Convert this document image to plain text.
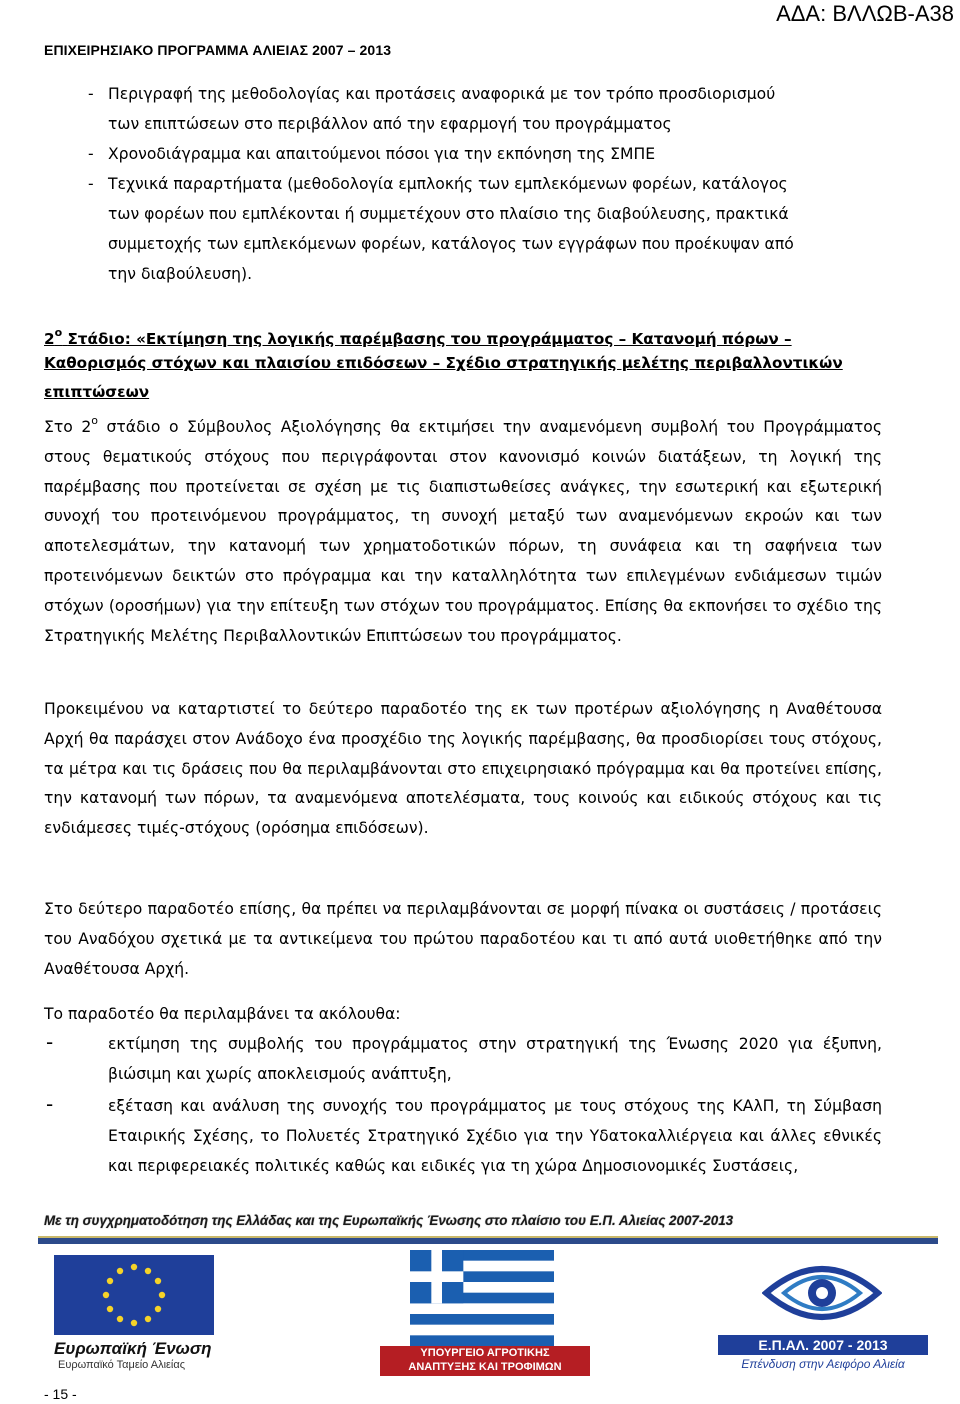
ΕΠΙΧΕΙΡΗΣΙΑΚΟ ΠΡΟΓΡΑΜΜΑ ΑΛΙΕΙΑΣ 2007 – 2013
ΑΔΑ: ΒΛΛΩΒ-Α38
- Περιγραφή της μεθοδολογίας και προτάσεις αναφορικά με τον τρόπο προσδιορισμού
των επιπτώσεων στο περιβάλλον από την εφαρμογή του προγράμματος
- Χρονοδιάγραμμα και απαιτούμενοι πόσοι για την εκπόνηση της ΣΜΠΕ
- Τεχνικά παραρτήματα (μεθοδολογία εμπλοκής των εμπλεκόμενων φορέων, κατάλογος
των φορέων που εμπλέκονται ή συμμετέχουν στο πλαίσιο της διαβούλευσης, πρακτικά
συμμετοχής των εμπλεκόμενων φορέων, κατάλογος των εγγράφων που προέκυψαν από
την διαβούλευση).
$2^o$ Στάδιο: «Εκτίμηση της λογικής παρέμβασης του προγράμματος – Κατανομή πόρων –
Καθορισμός στόχων και πλαισίου επιδόσεων – Σχέδιο στρατηγικής μελέτης περιβαλλοντικών
επιπτώσεων
Στο $2^o$ στάδιο ο Σύμβουλος Αξιολόγησης θα εκτιμήσει την αναμενόμενη συμβολή του Προγράμματος στους θεματικούς στόχους που περιγράφονται στον κανονισμό κοινών διατάξεων, τη λογική της παρέμβασης που προτείνεται σε σχέση με τις διαπιστωθείσες ανάγκες, την εσωτερική και εξωτερική συνοχή του προτεινόμενου προγράμματος, τη συνοχή μεταξύ των αναμενόμενων εκροών και των αποτελεσμάτων, την κατανομή των χρηματοδοτικών πόρων, τη συνάφεια και τη σαφήνεια των προτεινόμενων δεικτών στο πρόγραμμα και την καταλληλότητα των επιλεγμένων ενδιάμεσων τιμών στόχων (οροσήμων) για την επίτευξη των στόχων του προγράμματος. Επίσης θα εκπονήσει το σχέδιο της Στρατηγικής Μελέτης Περιβαλλοντικών Επιπτώσεων του προγράμματος.
Προκειμένου να καταρτιστεί το δεύτερο παραδοτέο της εκ των προτέρων αξιολόγησης η Αναθέτουσα Αρχή θα παράσχει στον Ανάδοχο ένα προσχέδιο της λογικής παρέμβασης, θα προσδιορίσει τους στόχους, τα μέτρα και τις δράσεις που θα περιλαμβάνονται στο επιχειρησιακό πρόγραμμα και θα προτείνει επίσης, την κατανομή των πόρων, τα αναμενόμενα αποτελέσματα, τους κοινούς και ειδικούς στόχους και τις ενδιάμεσες τιμές-στόχους (ορόσημα επιδόσεων).
Στο δεύτερο παραδοτέο επίσης, θα πρέπει να περιλαμβάνονται σε μορφή πίνακα οι συστάσεις / προτάσεις του Αναδόχου σχετικά με τα αντικείμενα του πρώτου παραδοτέου και τι από αυτά υιοθετήθηκε από την Αναθέτουσα Αρχή.
Το παραδοτέο θα περιλαμβάνει τα ακόλουθα:
-	εκτίμηση της συμβολής του προγράμματος στην στρατηγική της Ένωσης 2020 για έξυπνη, βιώσιμη και χωρίς αποκλεισμούς ανάπτυξη,
-	εξέταση και ανάλυση της συνοχής του προγράμματος με τους στόχους της ΚΑλΠ, τη Σύμβαση Εταιρικής Σχέσης, το Πολυετές Στρατηγικό Σχέδιο για την Υδατοκαλλιέργεια και άλλες εθνικές και περιφερειακές πολιτικές καθώς και ειδικές για τη χώρα Δημοσιονομικές Συστάσεις,
Με τη συγχρηματοδότηση της Ελλάδας και της Ευρωπαϊκής Ένωσης στο πλαίσιο του Ε.Π. Αλιείας 2007-2013
Ευρωπαϊκή Ένωση
Ευρωπαϊκό Ταμείο Αλιείας
ΥΠΟΥΡΓΕΙΟ ΑΓΡΟΤΙΚΗΣ
ΑΝΑΠΤΥΞΗΣ ΚΑΙ ΤΡΟΦΙΜΩΝ
Ε.Π.ΑΛ. 2007 - 2013
Επένδυση στην Αειφόρο Αλιεία
- 15 -
